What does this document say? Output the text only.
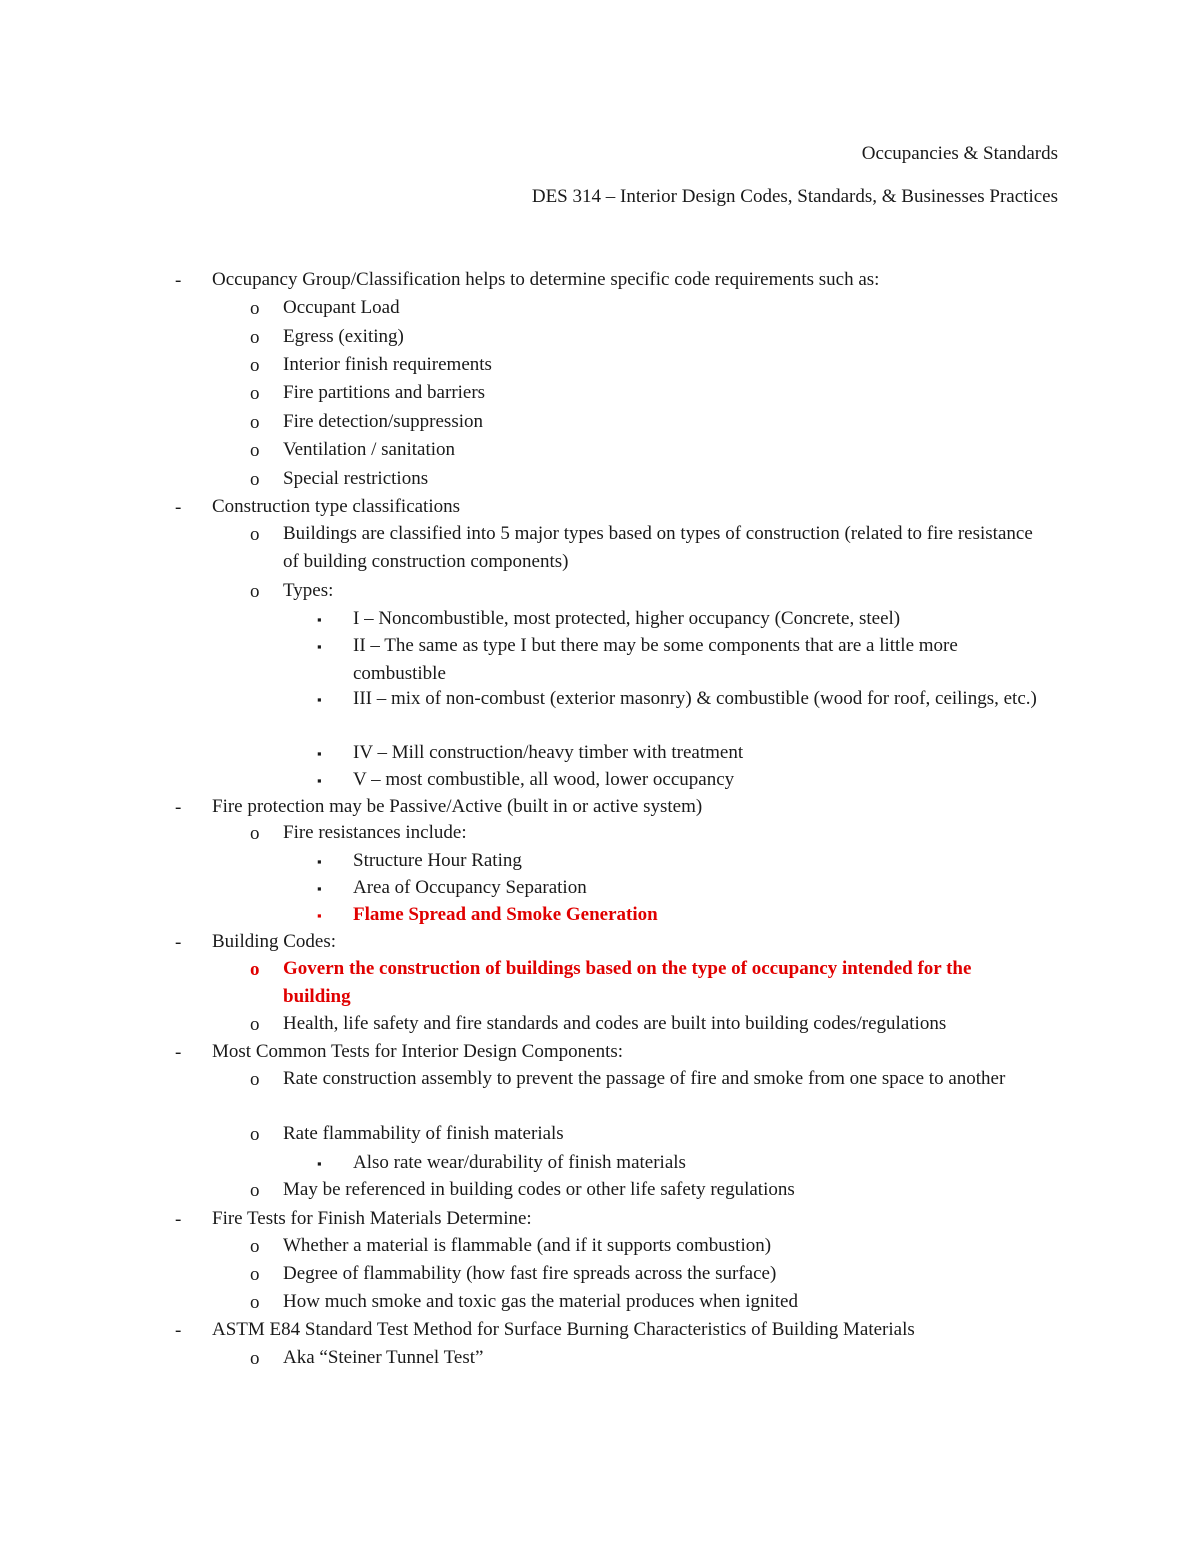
Occupancies & Standards
DES 314 – Interior Design Codes, Standards, & Businesses Practices
- Occupancy Group/Classification helps to determine specific code requirements such as:
o Occupant Load
o Egress (exiting)
o Interior finish requirements
o Fire partitions and barriers
o Fire detection/suppression
o Ventilation / sanitation
o Special restrictions
- Construction type classifications
o Buildings are classified into 5 major types based on types of construction (related to fire resistance of building construction components)
o Types:
▪ I – Noncombustible, most protected, higher occupancy (Concrete, steel)
▪ II – The same as type I but there may be some components that are a little more combustible
▪ III – mix of non-combust (exterior masonry) & combustible (wood for roof, ceilings, etc.)
▪ IV – Mill construction/heavy timber with treatment
▪ V – most combustible, all wood, lower occupancy
- Fire protection may be Passive/Active (built in or active system)
o Fire resistances include:
▪ Structure Hour Rating
▪ Area of Occupancy Separation
▪ Flame Spread and Smoke Generation
- Building Codes:
o Govern the construction of buildings based on the type of occupancy intended for the building
o Health, life safety and fire standards and codes are built into building codes/regulations
- Most Common Tests for Interior Design Components:
o Rate construction assembly to prevent the passage of fire and smoke from one space to another
o Rate flammability of finish materials
▪ Also rate wear/durability of finish materials
o May be referenced in building codes or other life safety regulations
- Fire Tests for Finish Materials Determine:
o Whether a material is flammable (and if it supports combustion)
o Degree of flammability (how fast fire spreads across the surface)
o How much smoke and toxic gas the material produces when ignited
- ASTM E84 Standard Test Method for Surface Burning Characteristics of Building Materials
o Aka “Steiner Tunnel Test”
